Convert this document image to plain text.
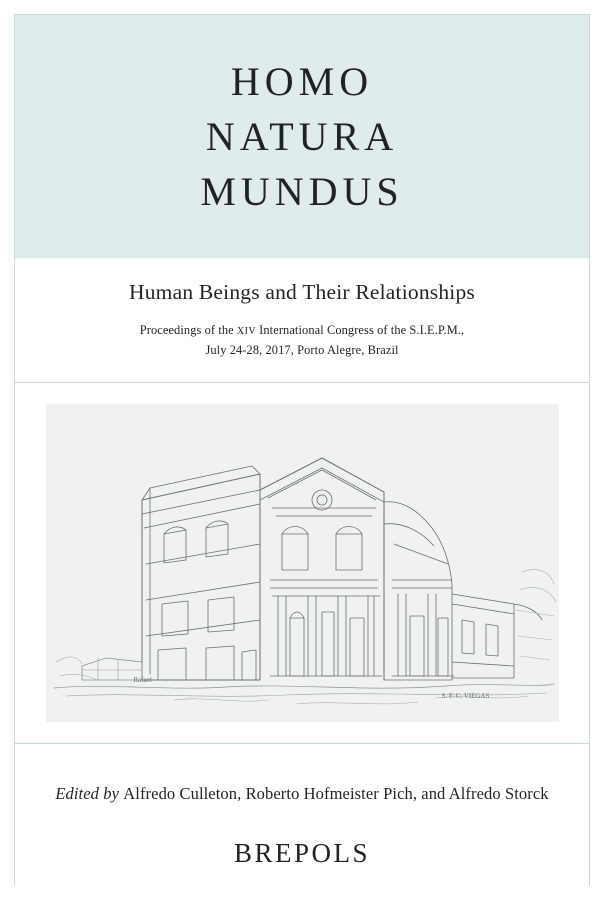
HOMO
NATURA
MUNDUS
Human Beings and Their Relationships
Proceedings of the xiv International Congress of the S.I.E.P.M.,
July 24-28, 2017, Porto Alegre, Brazil
Rafael
S. F. C. VIEGAS
Edited by Alfredo Culleton, Roberto Hofmeister Pich, and Alfredo Storck
BREPOLS
